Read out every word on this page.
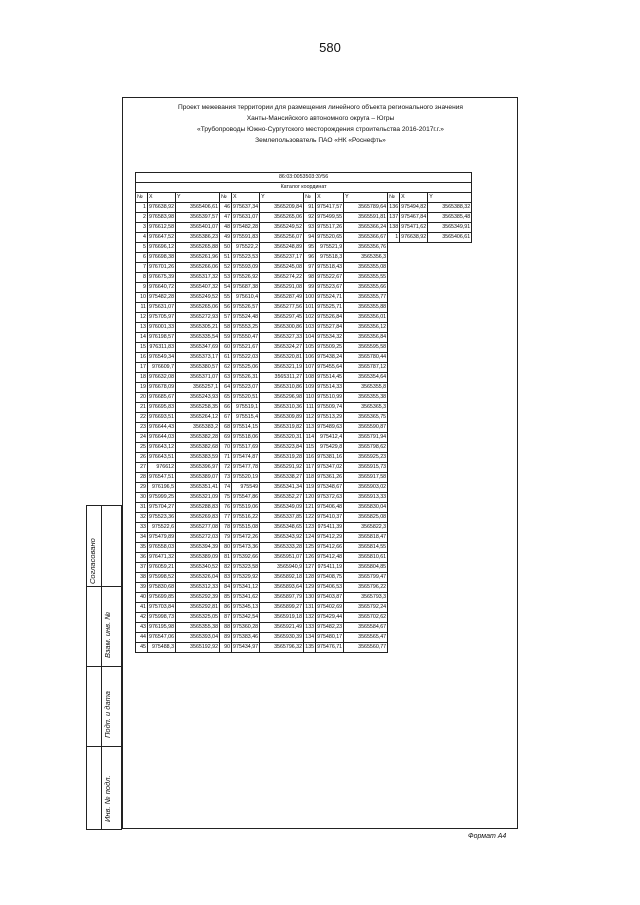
580
Проект межевания территории для размещения линейного объекта регионального значения
Ханты-Мансийского автономного округа – Югры
«Трубопроводы Южно-Сургутского месторождения строительства 2016-2017г.г.»
Землепользователь ПАО «НК «Роснефть»
86:03:0053503:ЗУ56											
Каталог координат											
№	X	Y	№	X	Y	№	X	Y	№	X	Y
1	976638,92	3565406,61	46	975637,34	3565209,84	91	975417,57	3565789,64	136	975494,82	3565388,32
2	976583,98	3565397,57	47	975631,07	3565265,06	92	975499,55	3565591,81	137	975467,84	3565385,48
3	976612,58	3565401,07	48	975482,28	3565249,52	93	975517,26	3565366,24	138	975471,62	3565349,91
4	976647,52	3565386,23	49	975591,83	3565256,07	94	975520,65	3565366,67	1	976638,92	3565406,61
5	976696,12	3565265,88	50	975522,2	3565248,89	95	975521,9	3565356,76			
6	976698,38	3565261,96	51	975523,53	3565237,17	96	975518,3	3565356,3			
7	976701,26	3565266,06	52	975593,09	3565245,08	97	975518,43	3565355,08			
8	976675,39	3565317,32	53	975526,92	3565274,22	98	975522,67	3565355,55			
9	976640,72	3565407,32	54	975687,38	3565291,08	99	975523,67	3565355,66			
10	975482,28	3565249,52	55	975610,4	3565287,49	100	975524,71	3565355,77			
11	975631,07	3565265,06	56	975526,57	3565277,56	101	975525,71	3565355,88			
12	975705,97	3565272,93	57	975524,48	3565297,45	102	975526,84	3565356,01			
13	976001,33	3565305,21	58	975553,25	3565300,86	103	975527,84	3565356,12			
14	976198,57	3565335,54	59	975550,47	3565327,33	104	975534,32	3565356,84			
15	976311,83	3565347,69	60	975521,67	3565324,27	105	975509,25	3565595,58			
16	976549,34	3565373,17	61	975522,03	3565320,81	106	975438,24	3565780,44			
17	976609,7	3565380,57	62	975525,06	3565321,19	107	975455,64	3565787,12			
18	976632,08	3565371,07	63	975526,31	3565311,27	108	975514,45	3565354,64			
19	976678,09	3565257,1	64	975523,07	3565310,86	109	975514,33	3565355,8			
20	976685,67	3565243,93	65	975520,51	3565296,98	110	975510,99	3565355,38			
21	976695,83	3565258,35	66	975519,1	3565310,36	111	975509,74	3565365,3			
22	976693,51	3565264,12	67	975515,4	3565309,89	112	975513,29	3565365,75			
23	976644,43	3565383,2	68	975514,15	3565319,82	113	975489,63	3565590,87			
24	976644,03	3565382,28	69	975518,06	3565320,31	114	975412,4	3565791,94			
25	976643,12	3565382,68	70	975517,69	3565323,84	115	975429,8	3565798,62			
26	976643,51	3565383,59	71	975474,87	3565319,28	116	975381,16	3565925,23			
27	976612	3565396,97	72	975477,78	3565291,92	117	975347,02	3565915,73			
28	976547,51	3565389,07	73	975520,19	3565338,27	118	975361,26	3565917,58			
29	976196,5	3565351,41	74	975549	3565341,34	119	975348,67	3565903,02			
30	975999,25	3565321,09	75	975547,86	3565352,27	120	975372,63	3565913,33			
31	975704,27	3565288,83	76	975519,06	3565349,09	121	975406,48	3565830,04			
32	975523,36	3565269,83	77	975516,22	3565337,85	122	975410,37	3565825,08			
33	975522,6	3565277,08	78	975515,08	3565348,65	123	975411,39	3565822,3			
34	975479,89	3565272,03	79	975472,26	3565343,92	124	975412,29	3565818,47			
35	976558,03	3565394,39	80	975473,36	3565333,28	125	975412,66	3565814,55			
36	976471,32	3565389,09	81	975392,66	3565951,07	126	975412,48	3565810,61			
37	976059,21	3565340,52	82	975323,58	3565940,9	127	975411,19	3565804,85			
38	975998,52	3565326,04	83	975329,92	3565892,18	128	975408,75	3565799,47			
39	975830,68	3565312,33	84	975341,12	3565893,64	129	975406,53	3565796,22			
40	975699,85	3565292,39	85	975341,62	3565897,79	130	975403,87	3565793,3			
41	975703,84	3565292,81	86	975345,13	3565899,27	131	975402,69	3565792,24			
42	975998,73	3565325,05	87	975342,54	3565919,18	132	975429,44	3565702,62			
43	976195,98	3565355,38	88	975360,28	3565921,49	133	975482,23	3565584,67			
44	976547,06	3565393,04	89	975383,46	3565930,39	134	975480,17	3565565,47			
45	975488,3	3565192,92	90	975434,97	3565796,32	135	975476,71	3565560,77			
Согласовано
Взам. инв. №
Подп. и дата
Инв. № подл.
Формат А4
